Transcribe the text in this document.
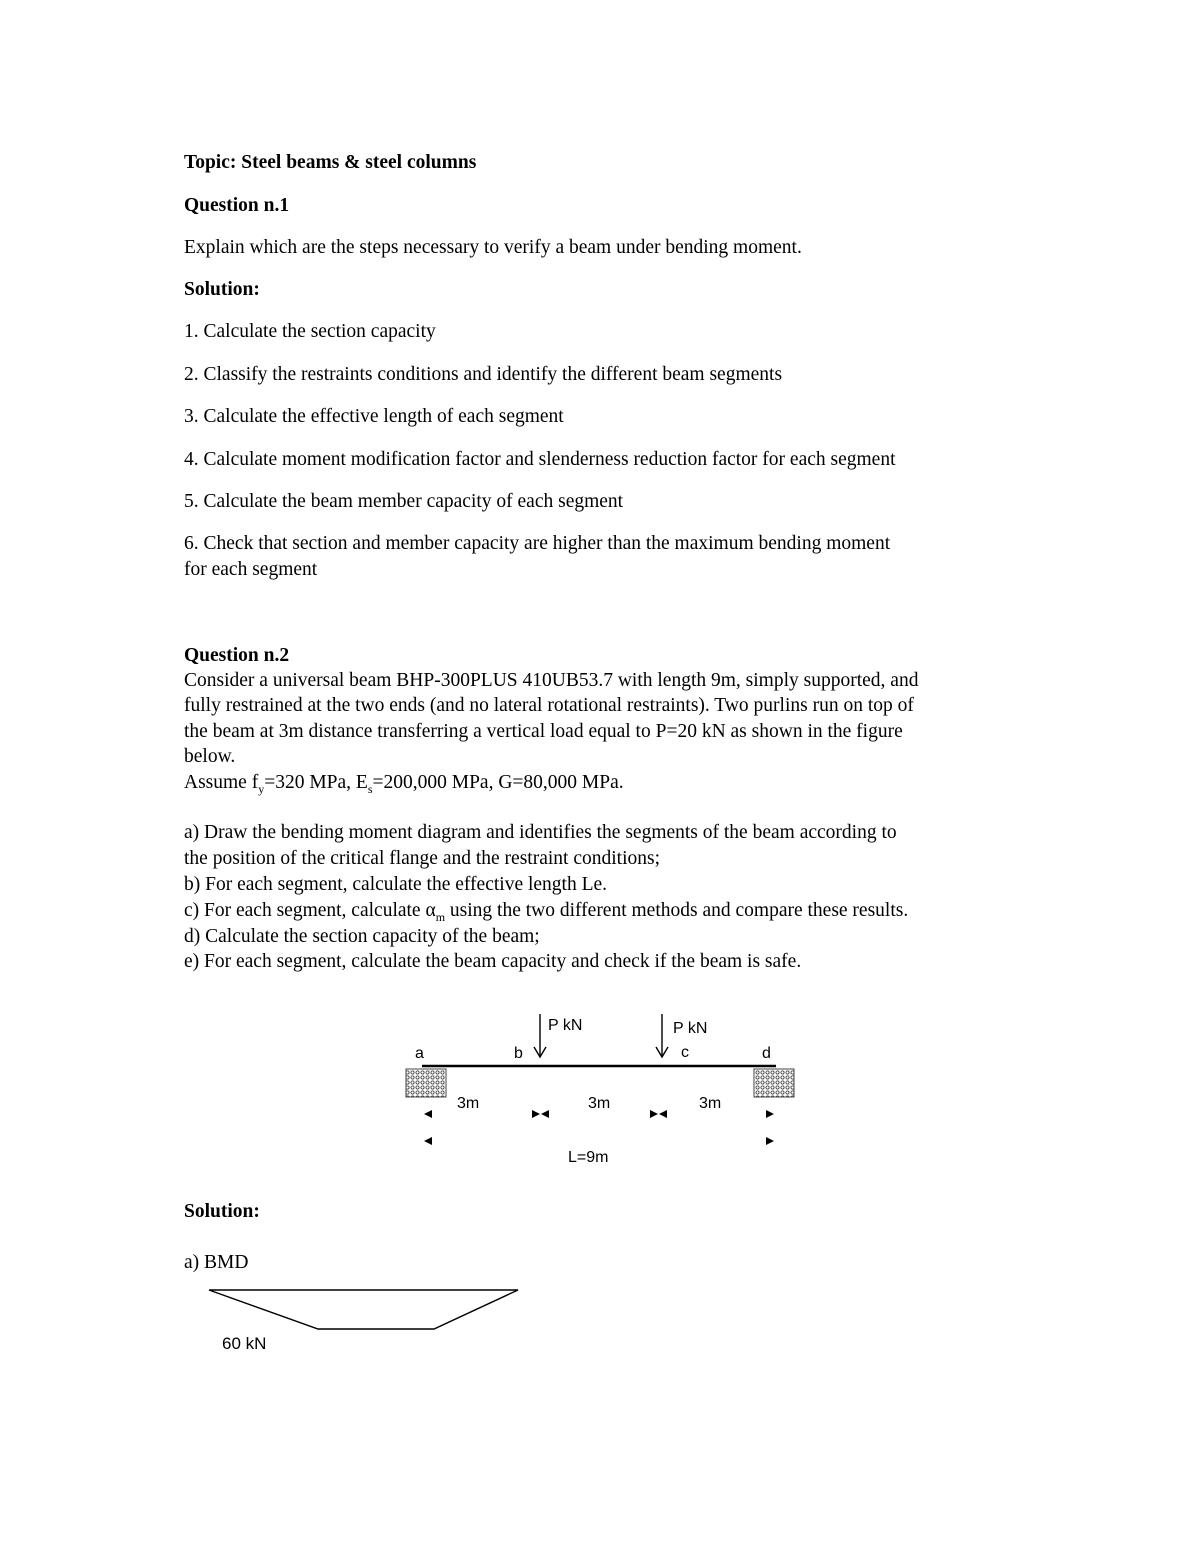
Topic: Steel beams & steel columns
Question n.1
Explain which are the steps necessary to verify a beam under bending moment.
Solution:
1. Calculate the section capacity
2. Classify the restraints conditions and identify the different beam segments
3. Calculate the effective length of each segment
4. Calculate moment modification factor and slenderness reduction factor for each segment
5. Calculate the beam member capacity of each segment
6. Check that section and member capacity are higher than the maximum bending moment
for each segment
Question n.2
Consider a universal beam BHP-300PLUS 410UB53.7 with length 9m, simply supported, and
fully restrained at the two ends (and no lateral rotational restraints). Two purlins run on top of
the beam at 3m distance transferring a vertical load equal to P=20 kN as shown in the figure
below.
Assume $f_y=320$ MPa, $E_s=200,000$ MPa, G=80,000 MPa.
a) Draw the bending moment diagram and identifies the segments of the beam according to
the position of the critical flange and the restraint conditions;
b) For each segment, calculate the effective length Le.
c) For each segment, calculate $\alpha_m$ using the two different methods and compare these results.
d) Calculate the section capacity of the beam;
e) For each segment, calculate the beam capacity and check if the beam is safe.
P kN	P kN
a	b	c	d
3m	3m	3m
L=9m
60 kN
Solution:
a) BMD
